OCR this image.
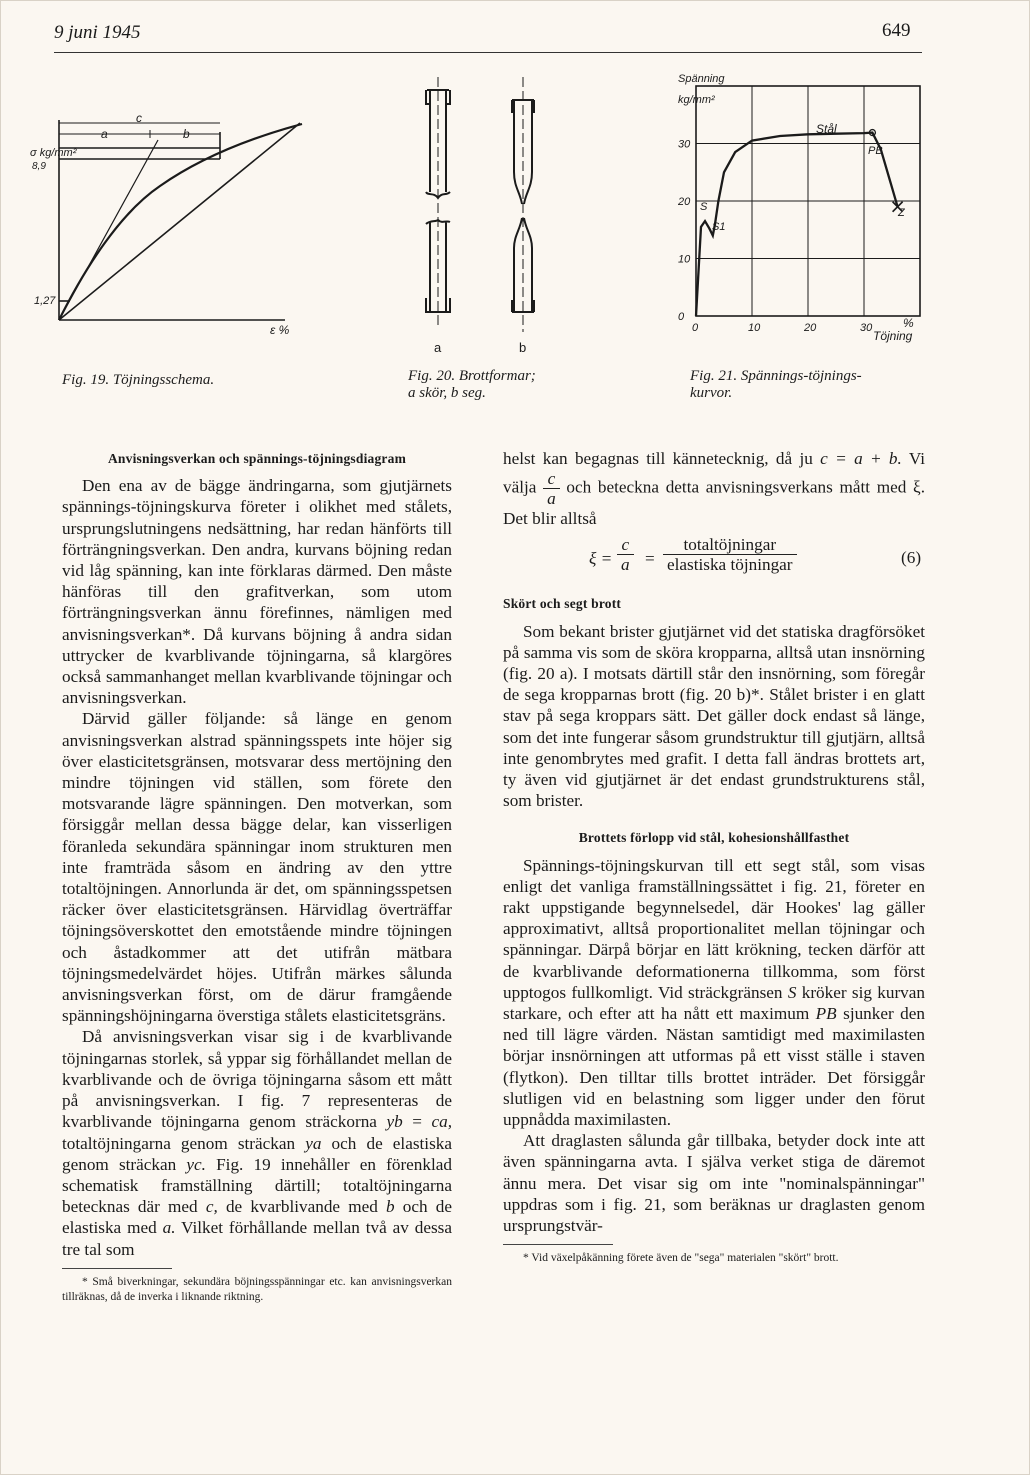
9 juni 1945	649
c
a	b
σ kg/mm²
8,9
1,27
ε %
Fig. 19. Töjningsschema.
a	b
Fig. 20. Brottformar;
a skör, b seg.
0	10	20	30
0
10
20
30
Spänning
kg/mm²
Stål
PB
S
S1
Z
%
Töjning
Fig. 21. Spännings-töjnings-
kurvor.
Anvisningsverkan och spännings-töjningsdiagram

Den ena av de bägge ändringarna, som gjutjärnets spännings-töjningskurva företer i olikhet med stålets, ursprungslutningens nedsättning, har redan hänförts till förträngningsverkan. Den andra, kurvans böjning redan vid låg spänning, kan inte förklaras därmed. Den måste hänföras till den grafitverkan, som utom förträngningsverkan ännu förefinnes, nämligen med anvisningsverkan*. Då kurvans böjning å andra sidan uttrycker de kvarblivande töjningarna, så klargöres också sammanhanget mellan kvarblivande töjningar och anvisningsverkan.

Därvid gäller följande: så länge en genom anvisningsverkan alstrad spänningsspets inte höjer sig över elasticitetsgränsen, motsvarar dess mertöjning den mindre töjningen vid ställen, som förete den motsvarande lägre spänningen. Den motverkan, som försiggår mellan dessa bägge delar, kan visserligen föranleda sekundära spänningar inom strukturen men inte framträda såsom en ändring av den yttre totaltöjningen. Annorlunda är det, om spänningsspetsen räcker över elasticitetsgränsen. Härvidlag överträffar töjningsöverskottet den emotstående mindre töjningen och åstadkommer att det utifrån mätbara töjningsmedelvärdet höjes. Utifrån märkes sålunda anvisningsverkan först, om de därur framgående spänningshöjningarna överstiga stålets elasticitetsgräns.

Då anvisningsverkan visar sig i de kvarblivande töjningarnas storlek, så yppar sig förhållandet mellan de kvarblivande och de övriga töjningarna såsom ett mått på anvisningsverkan. I fig. 7 representeras de kvarblivande töjningarna genom sträckorna yb = ca, totaltöjningarna genom sträckan ya och de elastiska genom sträckan yc. Fig. 19 innehåller en förenklad schematisk framställning därtill; totaltöjningarna betecknas där med c, de kvarblivande med b och de elastiska med a. Vilket förhållande mellan två av dessa tre tal som

* Små biverkningar, sekundära böjningsspänningar etc. kan anvisningsverkan tillräknas, då de inverka i liknande riktning.

helst kan begagnas till kännetecknig, då ju c = a + b. Vi välja $\frac{c}{a}$ och beteckna detta anvisningsverkans mått med ξ. Det blir alltså

$\xi = \frac{c}{a}$ =
totaltöjningar
elastiska töjningar	(6)
Skört och segt brott

Som bekant brister gjutjärnet vid det statiska dragförsöket på samma vis som de sköra kropparna, alltså utan insnörning (fig. 20 a). I motsats därtill står den insnörning, som föregår de sega kropparnas brott (fig. 20 b)*. Stålet brister i en glatt stav på sega kroppars sätt. Det gäller dock endast så länge, som det inte fungerar såsom grundstruktur till gjutjärn, alltså inte genombrytes med grafit. I detta fall ändras brottets art, ty även vid gjutjärnet är det endast grundstrukturens stål, som brister.

Brottets förlopp vid stål, kohesionshållfasthet

Spännings-töjningskurvan till ett segt stål, som visas enligt det vanliga framställningssättet i fig. 21, företer en rakt uppstigande begynnelsedel, där Hookes' lag gäller approximativt, alltså proportionalitet mellan töjningar och spänningar. Därpå börjar en lätt krökning, tecken därför att de kvarblivande deformationerna tillkomma, som först upptogos fullkomligt. Vid sträckgränsen S kröker sig kurvan starkare, och efter att ha nått ett maximum PB sjunker den ned till lägre värden. Nästan samtidigt med maximilasten börjar insnörningen att utformas på ett visst ställe i staven (flytkon). Den tilltar tills brottet inträder. Det försiggår slutligen vid en belastning som ligger under den förut uppnådda maximilasten.

Att draglasten sålunda går tillbaka, betyder dock inte att även spänningarna avta. I själva verket stiga de däremot ännu mera. Det visar sig om inte "nominalspänningar" uppdras som i fig. 21, som beräknas ur draglasten genom ursprungstvär-

* Vid växelpåkänning förete även de "sega" materialen "skört" brott.
